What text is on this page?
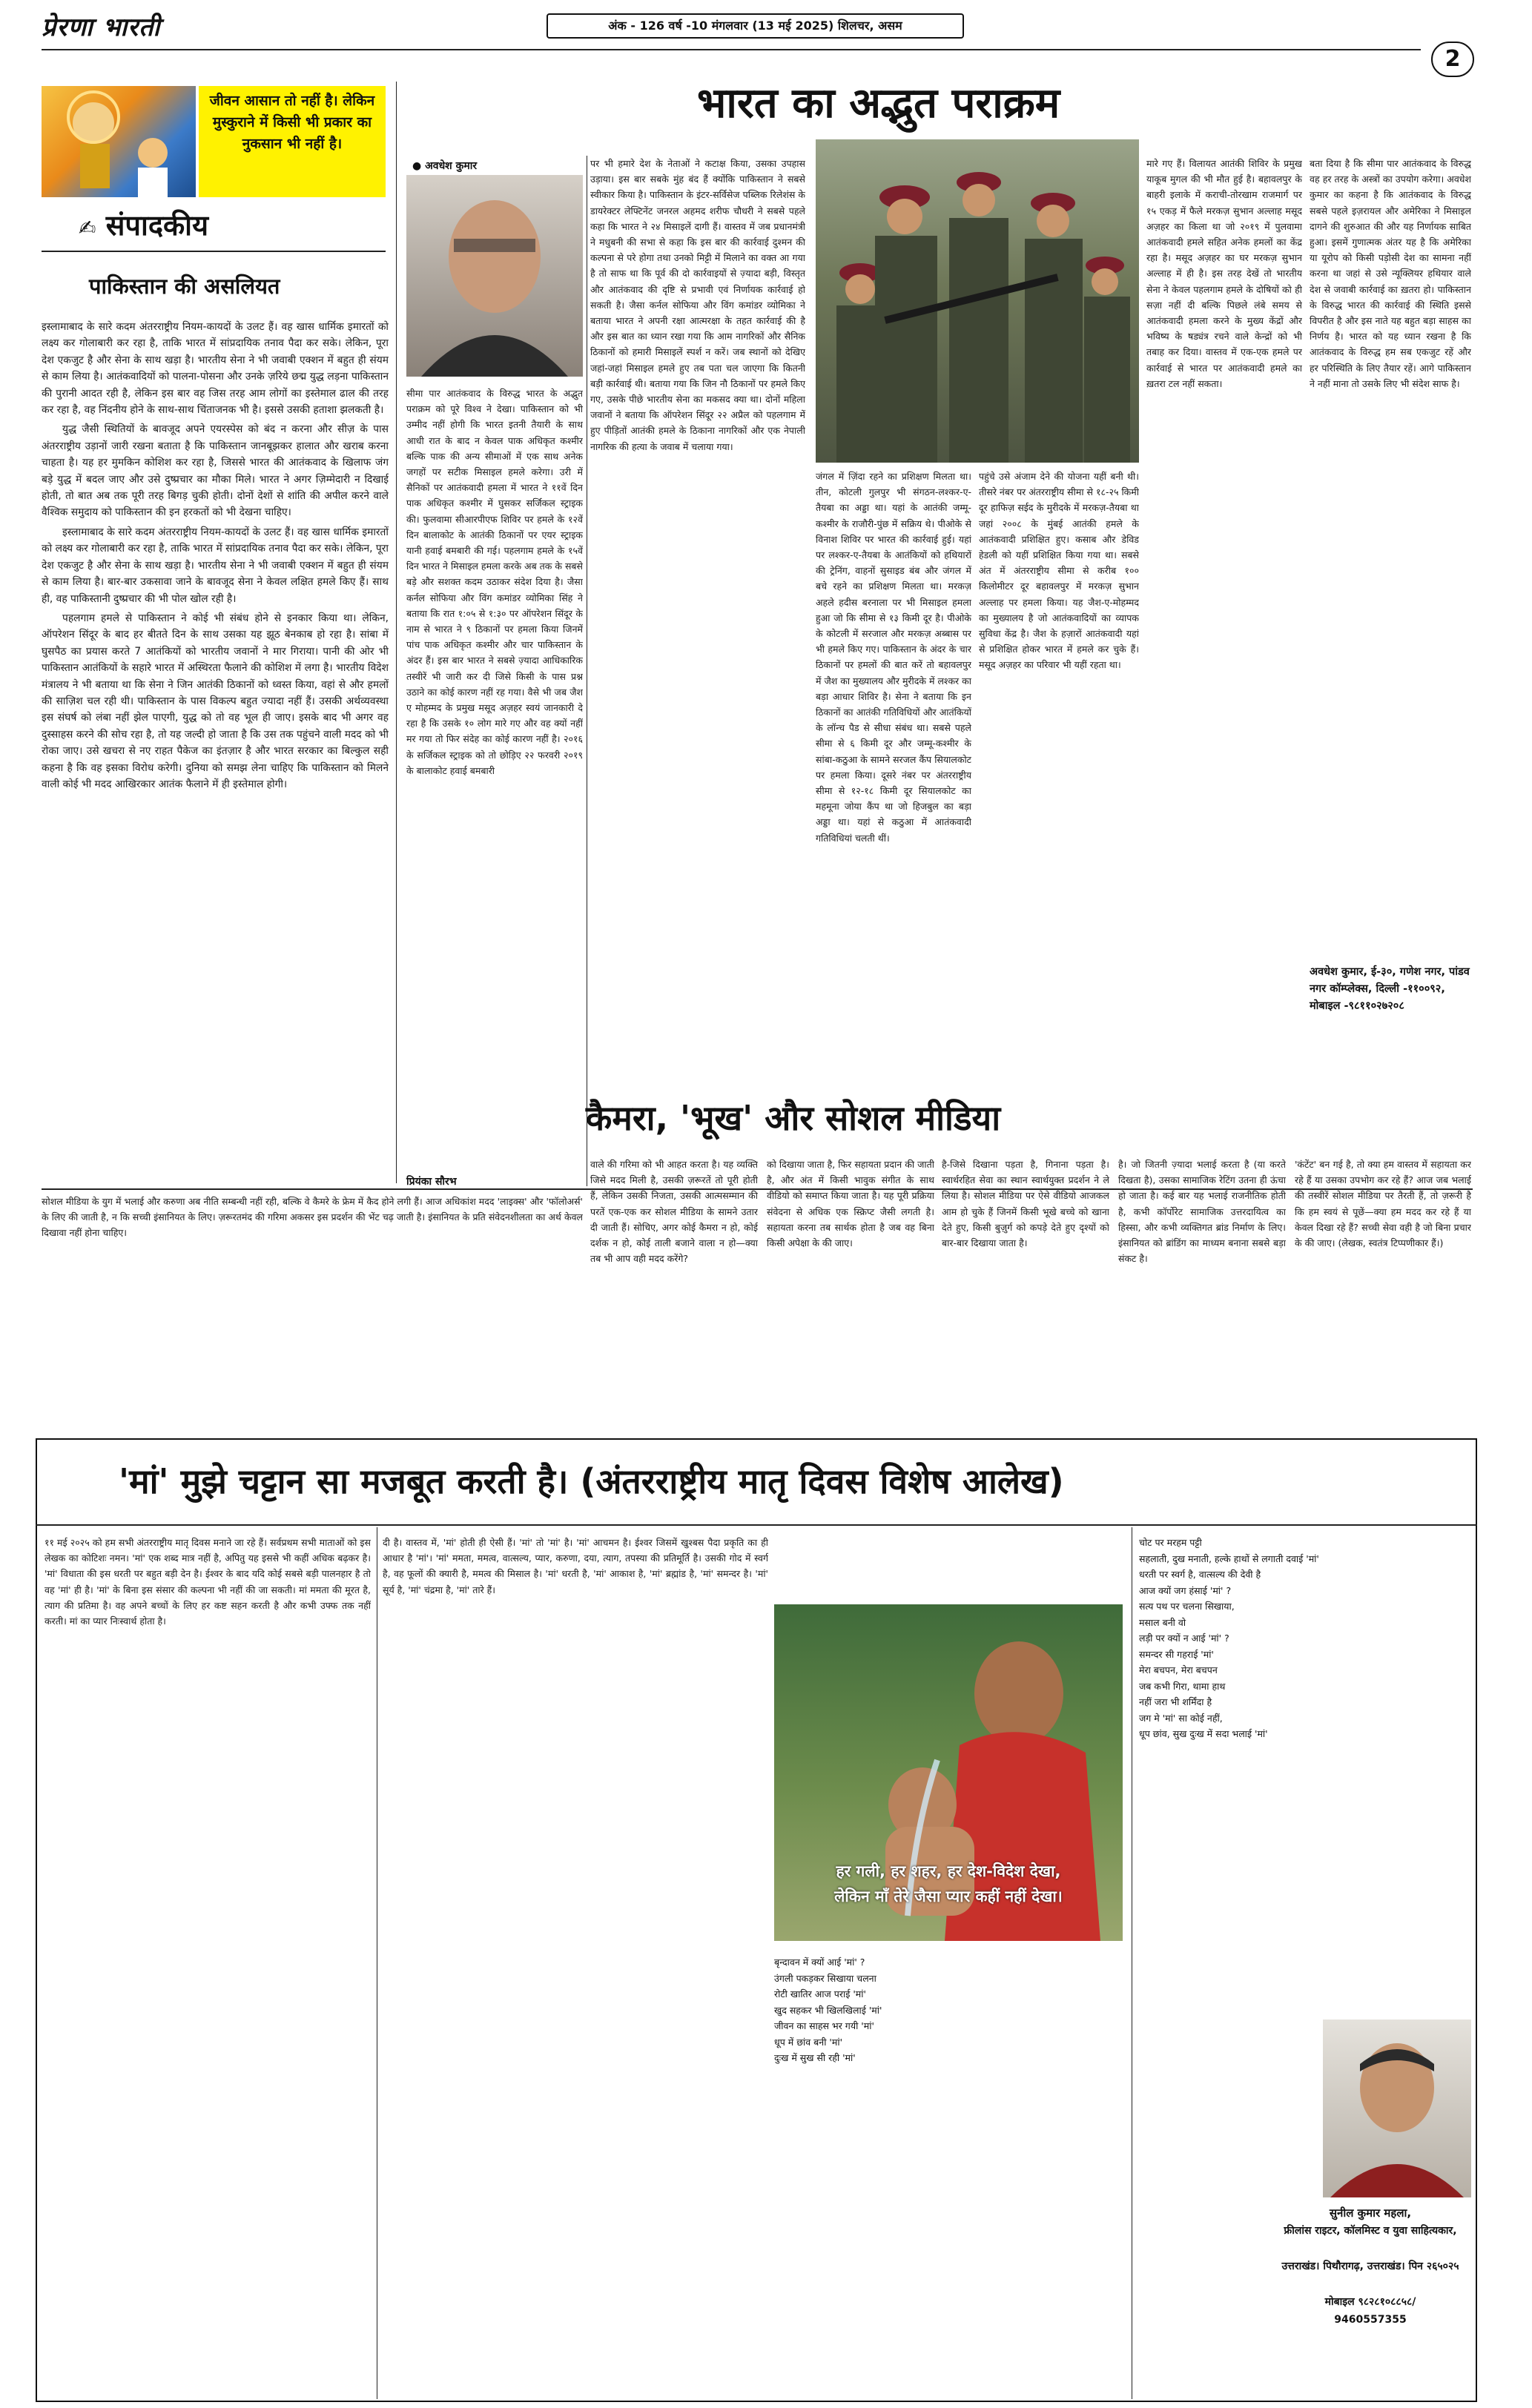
प्रेरणा भारती	अंक - 126 वर्ष -10 मंगलवार (13 मई 2025) शिलचर, असम
2
जीवन आसान तो नहीं है। लेकिन मुस्कुराने में किसी भी प्रकार का नुकसान भी नहीं है।
✍ संपादकीय
पाकिस्तान की असलियत

इस्लामाबाद के सारे कदम अंतरराष्ट्रीय नियम-कायदों के उलट हैं। वह खास धार्मिक इमारतों को लक्ष्य कर गोलाबारी कर रहा है, ताकि भारत में सांप्रदायिक तनाव पैदा कर सके। लेकिन, पूरा देश एकजुट है और सेना के साथ खड़ा है। भारतीय सेना ने भी जवाबी एक्शन में बहुत ही संयम से काम लिया है। आतंकवादियों को पालना-पोसना और उनके ज़रिये छद्म युद्ध लड़ना पाकिस्तान की पुरानी आदत रही है, लेकिन इस बार वह जिस तरह आम लोगों का इस्तेमाल ढाल की तरह कर रहा है, वह निंदनीय होने के साथ-साथ चिंताजनक भी है। इससे उसकी हताशा झलकती है।

युद्ध जैसी स्थितियों के बावजूद अपने एयरस्पेस को बंद न करना और सीज़ के पास अंतरराष्ट्रीय उड़ानों जारी रखना बताता है कि पाकिस्तान जानबूझकर हालात और खराब करना चाहता है। यह हर मुमकिन कोशिश कर रहा है, जिससे भारत की आतंकवाद के खिलाफ जंग बड़े युद्ध में बदल जाए और उसे दुष्प्रचार का मौका मिले। भारत ने अगर ज़िम्मेदारी न दिखाई होती, तो बात अब तक पूरी तरह बिगड़ चुकी होती। दोनों देशों से शांति की अपील करने वाले वैश्विक समुदाय को पाकिस्तान की इन हरकतों को भी देखना चाहिए।

इस्लामाबाद के सारे कदम अंतरराष्ट्रीय नियम-कायदों के उलट हैं। वह खास धार्मिक इमारतों को लक्ष्य कर गोलाबारी कर रहा है, ताकि भारत में सांप्रदायिक तनाव पैदा कर सके। लेकिन, पूरा देश एकजुट है और सेना के साथ खड़ा है। भारतीय सेना ने भी जवाबी एक्शन में बहुत ही संयम से काम लिया है। बार-बार उकसावा जाने के बावजूद सेना ने केवल लक्षित हमले किए हैं। साथ ही, वह पाकिस्तानी दुष्प्रचार की भी पोल खोल रही है।

पहलगाम हमले से पाकिस्तान ने कोई भी संबंध होने से इनकार किया था। लेकिन, ऑपरेशन सिंदूर के बाद हर बीतते दिन के साथ उसका यह झूठ बेनकाब हो रहा है। सांबा में घुसपैठ का प्रयास करते 7 आतंकियों को भारतीय जवानों ने मार गिराया। पानी की ओर भी पाकिस्तान आतंकियों के सहारे भारत में अस्थिरता फैलाने की कोशिश में लगा है। भारतीय विदेश मंत्रालय ने भी बताया था कि सेना ने जिन आतंकी ठिकानों को ध्वस्त किया, वहां से और हमलों की साज़िश चल रही थी। पाकिस्तान के पास विकल्प बहुत ज्यादा नहीं हैं। उसकी अर्थव्यवस्था इस संघर्ष को लंबा नहीं झेल पाएगी, युद्ध को तो वह भूल ही जाए। इसके बाद भी अगर वह दुस्साहस करने की सोच रहा है, तो यह जल्दी हो जाता है कि उस तक पहुंचने वाली मदद को भी रोका जाए। उसे खचरा से नए राहत पैकेज का इंतज़ार है और भारत सरकार का बिल्कुल सही कहना है कि वह इसका विरोध करेगी। दुनिया को समझ लेना चाहिए कि पाकिस्तान को मिलने वाली कोई भी मदद आखिरकार आतंक फैलाने में ही इस्तेमाल होगी।

भारत का अद्भुत पराक्रम
● अवधेश कुमार
सीमा पार आतंकवाद के विरुद्ध भारत के अद्भुत पराक्रम को पूरे विश्व ने देखा। पाकिस्तान को भी उम्मीद नहीं होगी कि भारत इतनी तैयारी के साथ आधी रात के बाद न केवल पाक अधिकृत कश्मीर बल्कि पाक की अन्य सीमाओं में एक साथ अनेक जगहों पर सटीक मिसाइल हमले करेगा। उरी में सैनिकों पर आतंकवादी हमला में भारत ने ११वें दिन पाक अधिकृत कश्मीर में घुसकर सर्जिकल स्ट्राइक की। फुलवामा सीआरपीएफ शिविर पर हमले के १२वें दिन बालाकोट के आतंकी ठिकानों पर एयर स्ट्राइक यानी हवाई बमबारी की गई। पहलगाम हमले के १५वें दिन भारत ने मिसाइल हमला करके अब तक के सबसे बड़े और सशक्त कदम उठाकर संदेश दिया है। जैसा कर्नल सोफिया और विंग कमांडर व्योमिका सिंह ने बताया कि रात १:०५ से १:३० पर ऑपरेशन सिंदूर के नाम से भारत ने ९ ठिकानों पर हमला किया जिनमें पांच पाक अधिकृत कश्मीर और चार पाकिस्तान के अंदर हैं। इस बार भारत ने सबसे ज़्यादा आधिकारिक तस्वीरें भी जारी कर दी जिसे किसी के पास प्रश्न उठाने का कोई कारण नहीं रह गया। वैसे भी जब जैश ए मोहम्मद के प्रमुख मसूद अज़हर स्वयं जानकारी दे रहा है कि उसके १० लोग मारे गए और वह क्यों नहीं मर गया तो फिर संदेह का कोई कारण नहीं है। २०१६ के सर्जिकल स्ट्राइक को तो छोड़िए २२ फरवरी २०१९ के बालाकोट हवाई बमबारी
पर भी हमारे देश के नेताओं ने कटाक्ष किया, उसका उपहास उड़ाया। इस बार सबके मुंह बंद हैं क्योंकि पाकिस्तान ने सबसे स्वीकार किया है। पाकिस्तान के इंटर-सर्विसेज पब्लिक रिलेशंस के डायरेक्टर लेफ्टिनेंट जनरल अहमद शरीफ चौधरी ने सबसे पहले कहा कि भारत ने २४ मिसाइलें दागी हैं। वास्तव में जब प्रधानमंत्री ने मधुबनी की सभा से कहा कि इस बार की कार्रवाई दुश्मन की कल्पना से परे होगा तथा उनको मिट्टी में मिलाने का वक्त आ गया है तो साफ था कि पूर्व की दो कार्रवाइयों से ज़्यादा बड़ी, विस्तृत और आतंकवाद की दृष्टि से प्रभावी एवं निर्णायक कार्रवाई हो सकती है। जैसा कर्नल सोफिया और विंग कमांडर व्योमिका ने बताया भारत ने अपनी रक्षा आत्मरक्षा के तहत कार्रवाई की है और इस बात का ध्यान रखा गया कि आम नागरिकों और सैनिक ठिकानों को हमारी मिसाइलें स्पर्श न करें। जब स्थानों को देखिए जहां-जहां मिसाइल हमले हुए तब पता चल जाएगा कि कितनी बड़ी कार्रवाई थी। बताया गया कि जिन नौ ठिकानों पर हमले किए गए, उसके पीछे भारतीय सेना का मकसद क्या था। दोनों महिला जवानों ने बताया कि ऑपरेशन सिंदूर २२ अप्रैल को पहलगाम में हुए पीड़ितों आतंकी हमले के ठिकाना नागरिकों और एक नेपाली नागरिक की हत्या के जवाब में चलाया गया।
जंगल में ज़िंदा रहने का प्रशिक्षण मिलता था। तीन, कोटली गुलपुर भी संगठन-लश्कर-ए-तैयबा का अड्डा था। यहां के आतंकी जम्मू-कश्मीर के राजौरी-पुंछ में सक्रिय थे। पीओके से विनाश शिविर पर भारत की कार्रवाई हुई। यहां पर लश्कर-ए-तैयबा के आतंकियों को हथियारों की ट्रेनिंग, वाहनों सुसाइड बंब और जंगल में बचे रहने का प्रशिक्षण मिलता था। मरकज़ अहले हदीस बरनाला पर भी मिसाइल हमला हुआ जो कि सीमा से १३ किमी दूर है। पीओके के कोटली में सरजाल और मरकज़ अब्बास पर भी हमले किए गए। पाकिस्तान के अंदर के चार ठिकानों पर हमलों की बात करें तो बहावलपुर में जैश का मुख्यालय और मुरीदके में लश्कर का बड़ा आधार शिविर है। सेना ने बताया कि इन ठिकानों का आतंकी गतिविधियों और आतंकियों के लॉन्च पैड से सीधा संबंध था। सबसे पहले सीमा से ६ किमी दूर और जम्मू-कश्मीर के सांबा-कठुआ के सामने सरजल कैंप सियालकोट पर हमला किया। दूसरे नंबर पर अंतरराष्ट्रीय सीमा से १२-१८ किमी दूर सियालकोट का महमूना जोया कैंप था जो हिजबुल का बड़ा अड्डा था। यहां से कठुआ में आतंकवादी गतिविधियां चलती थीं।
पहुंचे उसे अंजाम देने की योजना यहीं बनी थी। तीसरे नंबर पर अंतरराष्ट्रीय सीमा से १८-२५ किमी दूर हाफिज़ सईद के मुरीदके में मरकज़-तैयबा था जहां २००८ के मुंबई आतंकी हमले के आतंकवादी प्रशिक्षित हुए। कसाब और डेविड हेडली को यहीं प्रशिक्षित किया गया था। सबसे अंत में अंतरराष्ट्रीय सीमा से करीब १०० किलोमीटर दूर बहावलपुर में मरकज़ सुभान अल्लाह पर हमला किया। यह जैश-ए-मोहम्मद का मुख्यालय है जो आतंकवादियों का व्यापक सुविधा केंद्र है। जैश के हज़ारों आतंकवादी यहां से प्रशिक्षित होकर भारत में हमले कर चुके हैं। मसूद अज़हर का परिवार भी यहीं रहता था।
मारे गए हैं। विलायत आतंकी शिविर के प्रमुख याकूब मुगल की भी मौत हुई है। बहावलपुर के बाहरी इलाके में कराची-तोरखाम राजमार्ग पर १५ एकड़ में फैले मरकज़ सुभान अल्लाह मसूद अज़हर का किला था जो २०१९ में पुलवामा आतंकवादी हमले सहित अनेक हमलों का केंद्र रहा है। मसूद अज़हर का घर मरकज़ सुभान अल्लाह में ही है। इस तरह देखें तो भारतीय सेना ने केवल पहलगाम हमले के दोषियों को ही सज़ा नहीं दी बल्कि पिछले लंबे समय से आतंकवादी हमला करने के मुख्य केंद्रों और भविष्य के षड्यंत्र रचने वाले केन्द्रों को भी तबाह कर दिया। वास्तव में एक-एक हमले पर कार्रवाई से भारत पर आतंकवादी हमले का ख़तरा टल नहीं सकता।
बता दिया है कि सीमा पार आतंकवाद के विरुद्ध वह हर तरह के अस्त्रों का उपयोग करेगा। अवधेश कुमार का कहना है कि आतंकवाद के विरुद्ध सबसे पहले इज़रायल और अमेरिका ने मिसाइल दागने की शुरुआत की और यह निर्णायक साबित हुआ। इसमें गुणात्मक अंतर यह है कि अमेरिका या यूरोप को किसी पड़ोसी देश का सामना नहीं करना था जहां से उसे न्यूक्लियर हथियार वाले देश से जवाबी कार्रवाई का ख़तरा हो। पाकिस्तान के विरुद्ध भारत की कार्रवाई की स्थिति इससे विपरीत है और इस नाते यह बहुत बड़ा साहस का निर्णय है। भारत को यह ध्यान रखना है कि आतंकवाद के विरुद्ध हम सब एकजुट रहें और हर परिस्थिति के लिए तैयार रहें। आगे पाकिस्तान ने नहीं माना तो उसके लिए भी संदेश साफ है।
अवधेश कुमार, ई-३०, गणेश नगर, पांडव नगर कॉम्प्लेक्स, दिल्ली -११००९२, मोबाइल -९८११०२७२०८
कैमरा, 'भूख' और सोशल मीडिया
प्रियंका सौरभ
सोशल मीडिया के युग में भलाई और करुणा अब नीति सम्बन्धी नहीं रही, बल्कि वे कैमरे के फ्रेम में कैद होने लगी हैं। आज अधिकांश मदद 'लाइक्स' और 'फॉलोअर्स' के लिए की जाती है, न कि सच्ची इंसानियत के लिए। ज़रूरतमंद की गरिमा अकसर इस प्रदर्शन की भेंट चढ़ जाती है। इंसानियत के प्रति संवेदनशीलता का अर्थ केवल दिखावा नहीं होना चाहिए।
वाले की गरिमा को भी आहत करता है। यह व्यक्ति जिसे मदद मिली है, उसकी ज़रूरतें तो पूरी होती हैं, लेकिन उसकी निजता, उसकी आत्मसम्मान की परतें एक-एक कर सोशल मीडिया के सामने उतार दी जाती हैं। सोचिए, अगर कोई कैमरा न हो, कोई दर्शक न हो, कोई ताली बजाने वाला न हो—क्या तब भी आप वही मदद करेंगे?
को दिखाया जाता है, फिर सहायता प्रदान की जाती है, और अंत में किसी भावुक संगीत के साथ वीडियो को समाप्त किया जाता है। यह पूरी प्रक्रिया संवेदना से अधिक एक स्क्रिप्ट जैसी लगती है। सहायता करना तब सार्थक होता है जब वह बिना किसी अपेक्षा के की जाए।
है-जिसे दिखाना पड़ता है, गिनाना पड़ता है। स्वार्थरहित सेवा का स्थान स्वार्थयुक्त प्रदर्शन ने ले लिया है। सोशल मीडिया पर ऐसे वीडियो आजकल आम हो चुके हैं जिनमें किसी भूखे बच्चे को खाना देते हुए, किसी बुज़ुर्ग को कपड़े देते हुए दृश्यों को बार-बार दिखाया जाता है।
है। जो जितनी ज़्यादा भलाई करता है (या करते दिखता है), उसका सामाजिक रेटिंग उतना ही ऊंचा हो जाता है। कई बार यह भलाई राजनीतिक होती है, कभी कॉर्पोरेट सामाजिक उत्तरदायित्व का हिस्सा, और कभी व्यक्तिगत ब्रांड निर्माण के लिए। इंसानियत को ब्रांडिंग का माध्यम बनाना सबसे बड़ा संकट है।
'कंटेंट' बन गई है, तो क्या हम वास्तव में सहायता कर रहे हैं या उसका उपभोग कर रहे हैं? आज जब भलाई की तस्वीरें सोशल मीडिया पर तैरती हैं, तो ज़रूरी है कि हम स्वयं से पूछें—क्या हम मदद कर रहे हैं या केवल दिखा रहे हैं? सच्ची सेवा वही है जो बिना प्रचार के की जाए। (लेखक, स्वतंत्र टिप्पणीकार हैं।)
'मां' मुझे चट्टान सा मजबूत करती है। (अंतरराष्ट्रीय मातृ दिवस विशेष आलेख)
११ मई २०२५ को हम सभी अंतरराष्ट्रीय मातृ दिवस मनाने जा रहे हैं। सर्वप्रथम सभी माताओं को इस लेखक का कोटिशः नमन। 'मां' एक शब्द मात्र नहीं है, अपितु यह इससे भी कहीं अधिक बढ़कर है। 'मां' विधाता की इस धरती पर बहुत बड़ी देन है। ईश्वर के बाद यदि कोई सबसे बड़ी पालनहार है तो वह 'मां' ही है। 'मां' के बिना इस संसार की कल्पना भी नहीं की जा सकती। मां ममता की मूरत है, त्याग की प्रतिमा है। वह अपने बच्चों के लिए हर कष्ट सहन करती है और कभी उफ्फ तक नहीं करती। मां का प्यार निःस्वार्थ होता है।
दी है। वास्तव में, 'मां' होती ही ऐसी हैं। 'मां' तो 'मां' है। 'मां' आचमन है। ईश्वर जिसमें खुश्बस पैदा प्रकृति का ही आधार है 'मां'। 'मां' ममता, ममत्व, वात्सल्य, प्यार, करुणा, दया, त्याग, तपस्या की प्रतिमूर्ति है। उसकी गोद में स्वर्ग है, वह फूलों की क्यारी है, ममत्व की मिसाल है। 'मां' धरती है, 'मां' आकाश है, 'मां' ब्रह्मांड है, 'मां' समन्दर है। 'मां' सूर्य है, 'मां' चंद्रमा है, 'मां' तारे हैं।
हर गली, हर शहर, हर देश-विदेश देखा,
लेकिन माँ तेरे जैसा प्यार कहीं नहीं देखा।
बृन्दावन में क्यों आई 'मां' ?
उंगली पकड़कर सिखाया चलना
रोटी खातिर आज पराई 'मां'
खुद सहकर भी खिलखिलाई 'मां'
जीवन का साहस भर गयी 'मां'
धूप में छांव बनी 'मां'
दुःख में सुख सी रही 'मां'
चोट पर मरहम पट्टी
सहलाती, दुख मनाती, हल्के हाथों से लगाती दवाई 'मां'
धरती पर स्वर्ग है, वात्सल्य की देवी है
आज क्यों जग हंसाई 'मां' ?
सत्य पथ पर चलना सिखाया,
मसाल बनी वो
लड़ी पर क्यों न आई 'मां' ?
समन्दर सी गहराई 'मां'
मेरा बचपन, मेरा बचपन
जब कभी गिरा, थामा हाथ
नहीं जरा भी शर्मिंदा है
जग मे 'मां' सा कोई नहीं,
धूप छांव, सुख दुःख में सदा भलाई 'मां'
सुनील कुमार महला,
फ्रीलांस राइटर, कॉलमिस्ट व युवा साहित्यकार,
उत्तराखंड। पिथौरागढ़, उत्तराखंड। पिन २६५०२५
मोबाइल ९८२८१०८८५८/
9460557355
